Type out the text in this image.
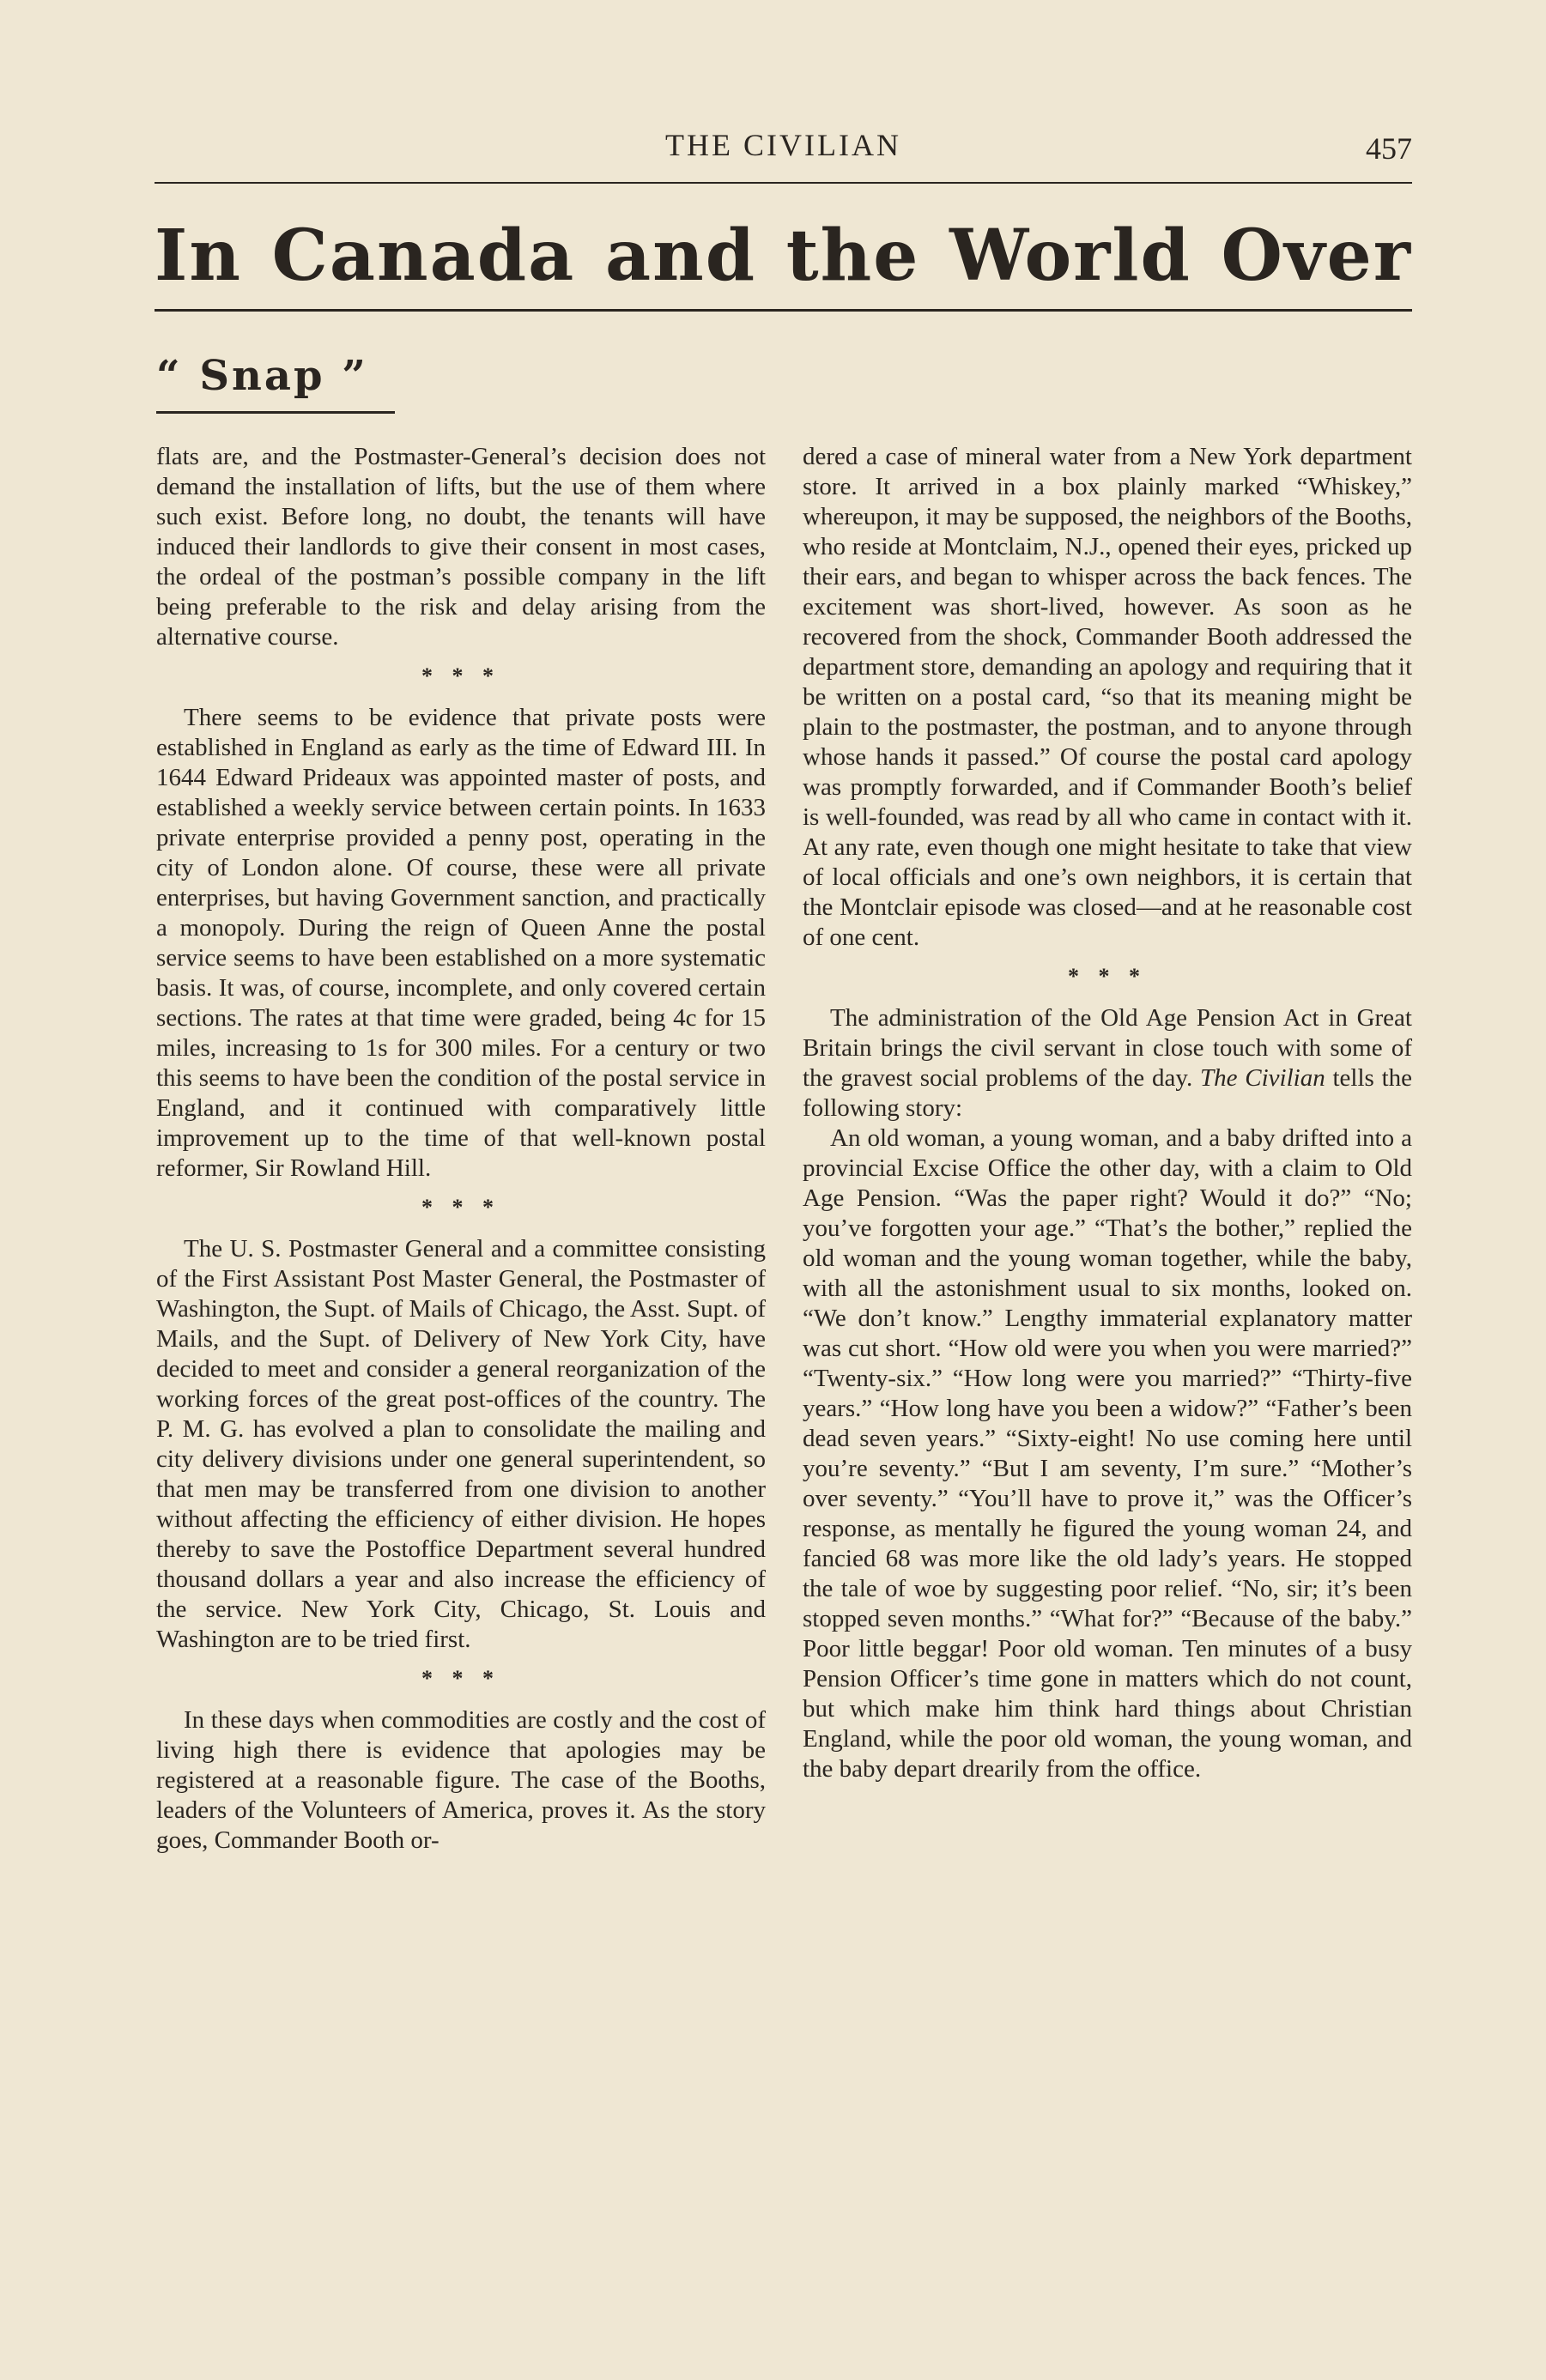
THE CIVILIAN	457
In Canada and the World Over
“ Snap ”

flats are, and the Postmaster-General’s decision does not demand the installation of lifts, but the use of them where such exist. Before long, no doubt, the tenants will have induced their landlords to give their consent in most cases, the ordeal of the postman’s possible company in the lift being preferable to the risk and delay arising from the alternative course.

* * *

There seems to be evidence that private posts were established in England as early as the time of Edward III. In 1644 Edward Prideaux was appointed master of posts, and established a weekly service between certain points. In 1633 private enterprise provided a penny post, operating in the city of London alone. Of course, these were all private enterprises, but having Government sanction, and practically a monopoly. During the reign of Queen Anne the postal service seems to have been established on a more systematic basis. It was, of course, incomplete, and only covered certain sections. The rates at that time were graded, being 4c for 15 miles, increasing to 1s for 300 miles. For a century or two this seems to have been the condition of the postal service in England, and it continued with comparatively little improvement up to the time of that well-known postal reformer, Sir Rowland Hill.

* * *

The U. S. Postmaster General and a committee consisting of the First Assistant Post Master General, the Postmaster of Washington, the Supt. of Mails of Chicago, the Asst. Supt. of Mails, and the Supt. of Delivery of New York City, have decided to meet and consider a general reorganization of the working forces of the great post-offices of the country. The P. M. G. has evolved a plan to consolidate the mailing and city delivery divisions under one general superintendent, so that men may be transferred from one division to another without affecting the efficiency of either division. He hopes thereby to save the Postoffice Department several hundred thousand dollars a year and also increase the efficiency of the service. New York City, Chicago, St. Louis and Washington are to be tried first.

* * *

In these days when commodities are costly and the cost of living high there is evidence that apologies may be registered at a reasonable figure. The case of the Booths, leaders of the Volunteers of America, proves it. As the story goes, Commander Booth or-

dered a case of mineral water from a New York department store. It arrived in a box plainly marked “Whiskey,” whereupon, it may be supposed, the neighbors of the Booths, who reside at Montclaim, N.J., opened their eyes, pricked up their ears, and began to whisper across the back fences. The excitement was short-lived, however. As soon as he recovered from the shock, Commander Booth addressed the department store, demanding an apology and requiring that it be written on a postal card, “so that its meaning might be plain to the postmaster, the postman, and to anyone through whose hands it passed.” Of course the postal card apology was promptly forwarded, and if Commander Booth’s belief is well-founded, was read by all who came in contact with it. At any rate, even though one might hesitate to take that view of local officials and one’s own neighbors, it is certain that the Montclair episode was closed—and at he reasonable cost of one cent.

* * *

The administration of the Old Age Pension Act in Great Britain brings the civil servant in close touch with some of the gravest social problems of the day. The Civilian tells the following story:

An old woman, a young woman, and a baby drifted into a provincial Excise Office the other day, with a claim to Old Age Pension. “Was the paper right? Would it do?” “No; you’ve forgotten your age.” “That’s the bother,” replied the old woman and the young woman together, while the baby, with all the astonishment usual to six months, looked on. “We don’t know.” Lengthy immaterial explanatory matter was cut short. “How old were you when you were married?” “Twenty-six.” “How long were you married?” “Thirty-five years.” “How long have you been a widow?” “Father’s been dead seven years.” “Sixty-eight! No use coming here until you’re seventy.” “But I am seventy, I’m sure.” “Mother’s over seventy.” “You’ll have to prove it,” was the Officer’s response, as mentally he figured the young woman 24, and fancied 68 was more like the old lady’s years. He stopped the tale of woe by suggesting poor relief. “No, sir; it’s been stopped seven months.” “What for?” “Because of the baby.” Poor little beggar! Poor old woman. Ten minutes of a busy Pension Officer’s time gone in matters which do not count, but which make him think hard things about Christian England, while the poor old woman, the young woman, and the baby depart drearily from the office.
